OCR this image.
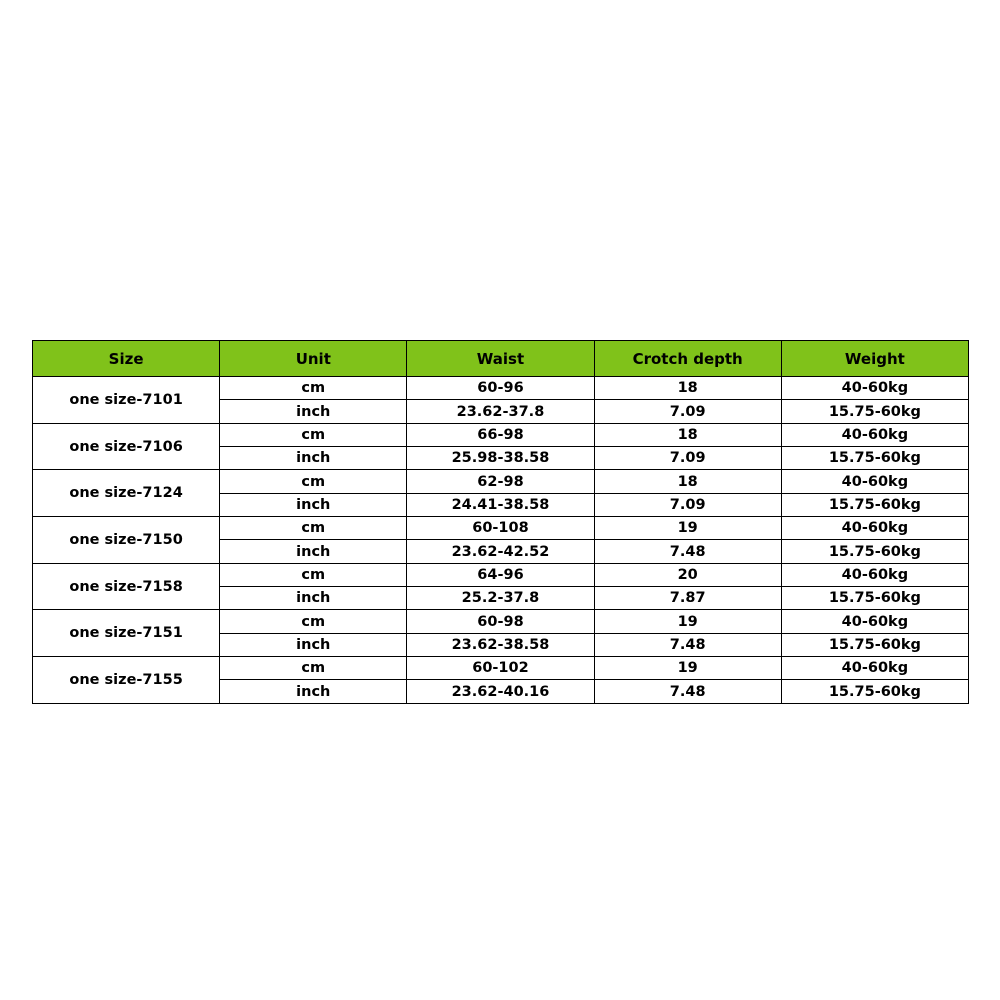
Size	Unit	Waist	Crotch depth	Weight
one size-7101	cm	60-96	18	40-60kg
	inch	23.62-37.8	7.09	15.75-60kg
one size-7106	cm	66-98	18	40-60kg
	inch	25.98-38.58	7.09	15.75-60kg
one size-7124	cm	62-98	18	40-60kg
	inch	24.41-38.58	7.09	15.75-60kg
one size-7150	cm	60-108	19	40-60kg
	inch	23.62-42.52	7.48	15.75-60kg
one size-7158	cm	64-96	20	40-60kg
	inch	25.2-37.8	7.87	15.75-60kg
one size-7151	cm	60-98	19	40-60kg
	inch	23.62-38.58	7.48	15.75-60kg
one size-7155	cm	60-102	19	40-60kg
	inch	23.62-40.16	7.48	15.75-60kg
